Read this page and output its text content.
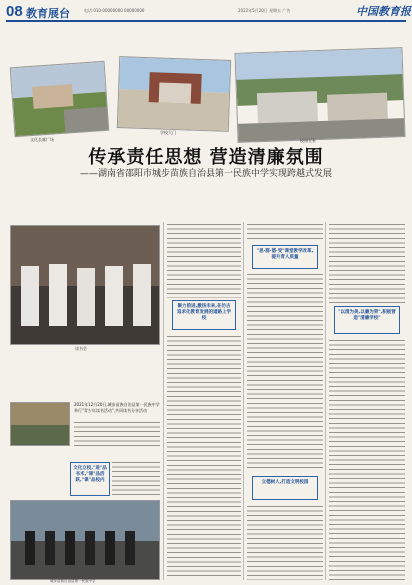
08 教育展台	电话:010-00000000 00000000	2022年5月20日 星期五 广告	中国教育报
文化长廊广场
学校大门
校园全景
传承责任思想 营造清廉氛围
——湖南省邵阳市城步苗族自治县第一民族中学实现跨越式发展
读书会
2021年12月20日,城步苗族自治县第一民族中学举行"青少年读书活动",共同读书分享活动
文化立校,"进"品书术,"课"品活跃,"课"品校内
城步苗族自治县第一民族中学
聚力前进,激扬未来,在仿古追求化教育发展的道路上学校
"思·群·德·受"课堂教学改革,提升育人质量
立德树人,打造文明校园
"以清为美,以廉为荣",积极营造"清廉学校"
